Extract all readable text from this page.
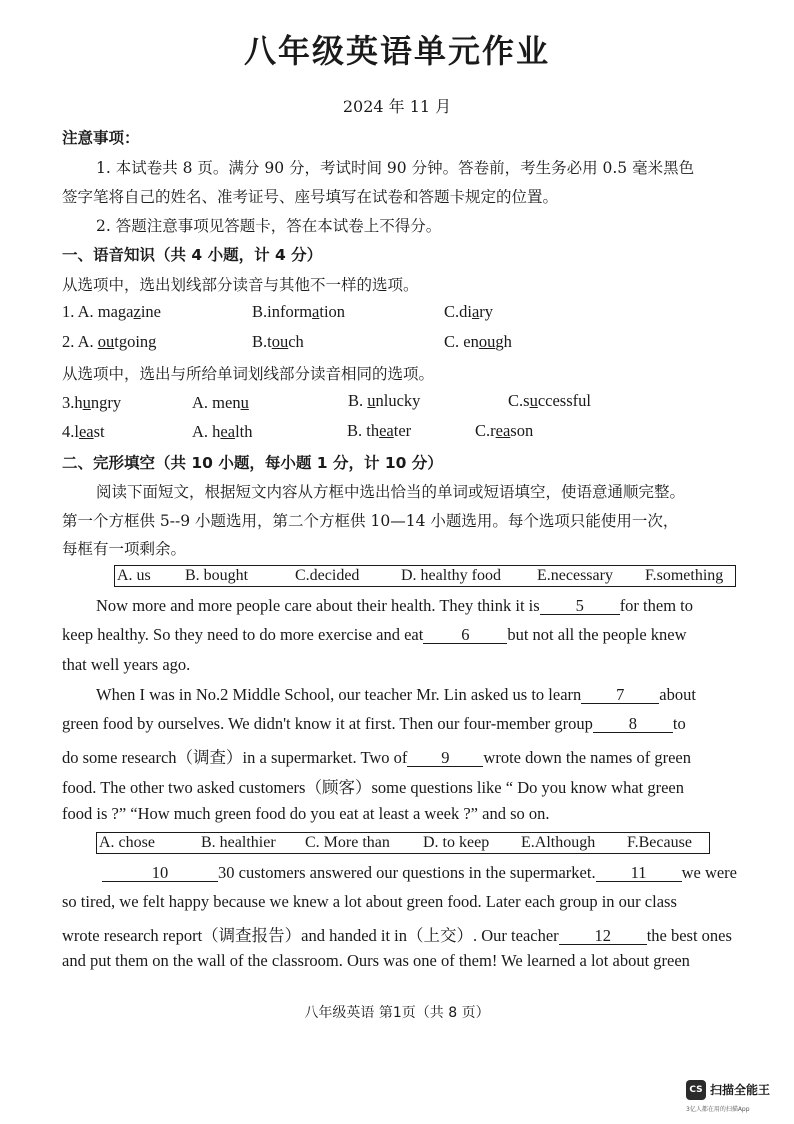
八年级英语单元作业
2024 年 11 月
注意事项：
1. 本试卷共 8 页。满分 90 分，考试时间 90 分钟。答卷前，考生务必用 0.5 毫米黑色
签字笔将自己的姓名、准考证号、座号填写在试卷和答题卡规定的位置。
2. 答题注意事项见答题卡，答在本试卷上不得分。
一、语音知识（共 4 小题，计 4 分）
从选项中，选出划线部分读音与其他不一样的选项。
1. A. magazine	B.information	C.diary
2. A. outgoing	B.touch	C. enough
从选项中，选出与所给单词划线部分读音相同的选项。
3.hungry	A. menu	B. unlucky	C.successful
4.least	A. health	B. theater	C.reason
二、完形填空（共 10 小题，每小题 1 分，计 10 分）
阅读下面短文，根据短文内容从方框中选出恰当的单词或短语填空，使语意通顺完整。
第一个方框供 5--9 小题选用，第二个方框供 10—14 小题选用。每个选项只能使用一次，
每框有一项剩余。
A. us B. bought	C.decided	D. healthy food E.necessary F.something
Now more and more people care about their health. They think it is 5 for them to
keep healthy. So they need to do more exercise and eat 6 but not all the people knew
that well years ago.
When I was in No.2 Middle School, our teacher Mr. Lin asked us to learn 7 about
green food by ourselves. We didn't know it at first. Then our four-member group 8 to
do some research（调查）in a supermarket. Two of 9 wrote down the names of green
food. The other two asked customers（顾客）some questions like “ Do you know what green
food is ?” “How much green food do you eat at least a week ?” and so on.
A. chose	B. healthier C. More than D. to keep E.Although F.Because
10	30 customers answered our questions in the supermarket. 11 we were
so tired, we felt happy because we knew a lot about green food. Later each group in our class
wrote research report（调查报告）and handed it in（上交）. Our teacher 12 the best ones
and put them on the wall of the classroom. Ours was one of them! We learned a lot about green
八年级英语 第1页（共 8 页）
CS 扫描全能王
3亿人都在用的扫描App
